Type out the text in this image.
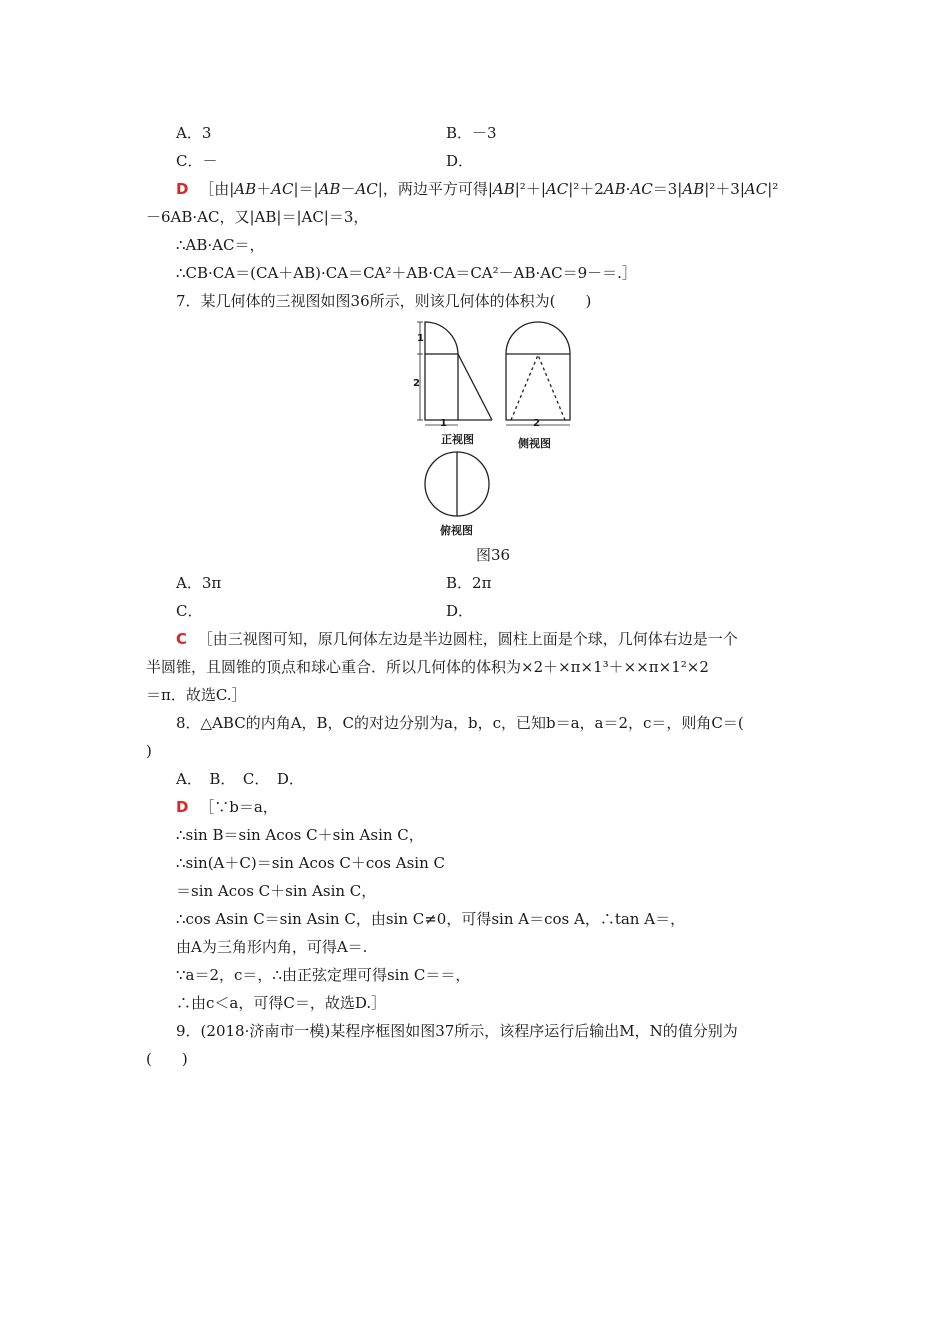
A．3	B．－3
C．－	D．
D ［由|AB＋AC|＝|AB－AC|，两边平方可得|AB|²＋|AC|²＋2AB·AC＝3|AB|²＋3|AC|²
－6AB·AC，又|AB|＝|AC|＝3，
∴AB·AC＝，
∴CB·CA＝(CA＋AB)·CA＝CA²＋AB·CA＝CA²－AB·AC＝9－＝.］
7．某几何体的三视图如图36所示，则该几何体的体积为(　　)
1
2
1	2
正视图	侧视图
俯视图
图36
A．3π	B．2π
C．	D．
C ［由三视图可知，原几何体左边是半边圆柱，圆柱上面是个球，几何体右边是一个
半圆锥，且圆锥的顶点和球心重合．所以几何体的体积为×2＋×π×1³＋××π×1²×2
＝π．故选C.］
8．△ABC的内角A，B，C的对边分别为a，b，c，已知b＝a，a＝2，c＝，则角C＝(
)
A．　B．　C．　D．
D ［∵b＝a，
∴sin B＝sin Acos C＋sin Asin C，
∴sin(A＋C)＝sin Acos C＋cos Asin C
＝sin Acos C＋sin Asin C，
∴cos Asin C＝sin Asin C，由sin C≠0，可得sin A＝cos A，∴tan A＝，
由A为三角形内角，可得A＝.
∵a＝2，c＝，∴由正弦定理可得sin C＝＝，
∴由c＜a，可得C＝，故选D.］
9．(2018·济南市一模)某程序框图如图37所示，该程序运行后输出M，N的值分别为
(　　)
